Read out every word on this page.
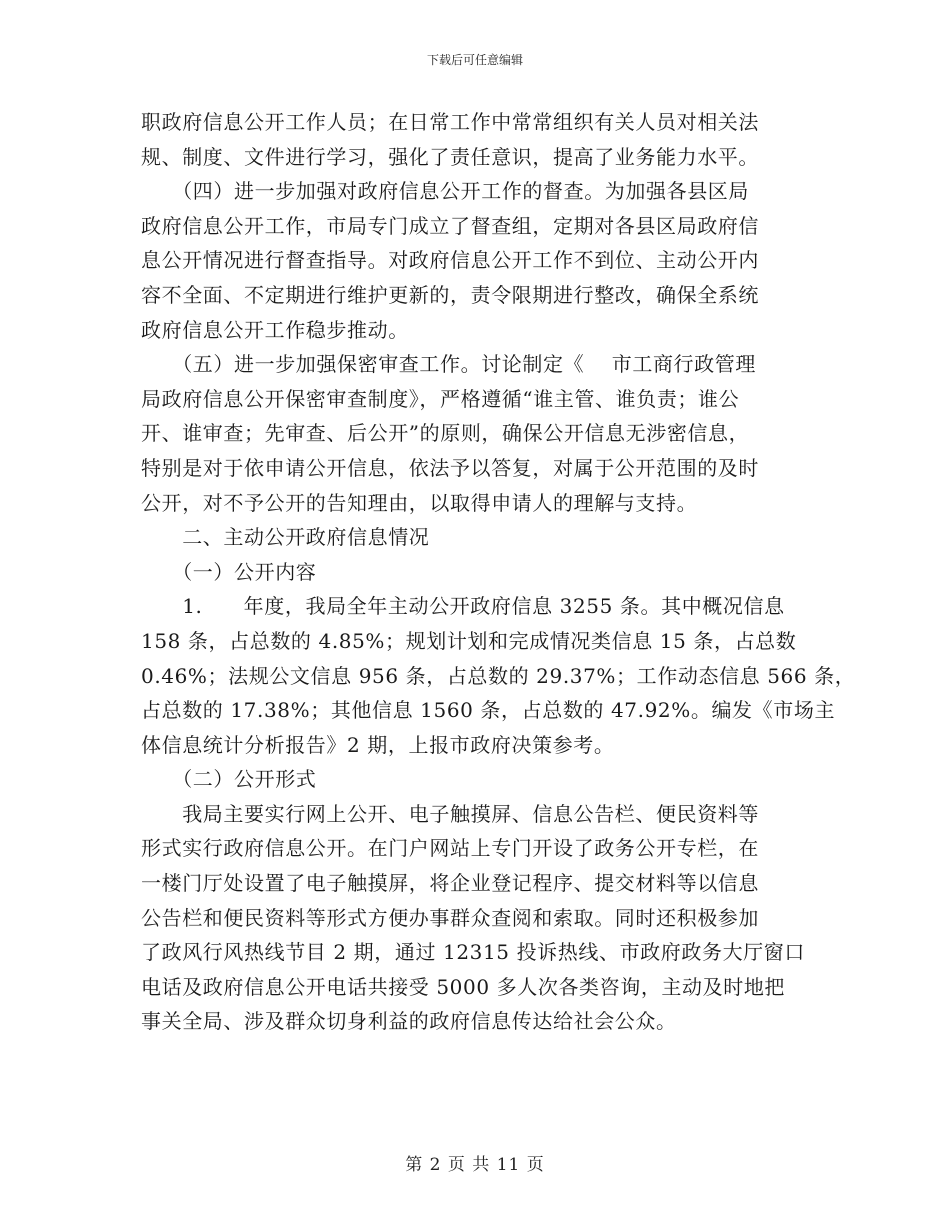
下载后可任意编辑

职政府信息公开工作人员；在日常工作中常常组织有关人员对相关法

规、制度、文件进行学习，强化了责任意识，提高了业务能力水平。

　　（四）进一步加强对政府信息公开工作的督查。为加强各县区局

政府信息公开工作，市局专门成立了督查组，定期对各县区局政府信

息公开情况进行督查指导。对政府信息公开工作不到位、主动公开内

容不全面、不定期进行维护更新的，责令限期进行整改，确保全系统

政府信息公开工作稳步推动。

　　（五）进一步加强保密审查工作。讨论制定《　 市工商行政管理

局政府信息公开保密审查制度》，严格遵循“谁主管、谁负责；谁公

开、谁审查；先审查、后公开”的原则，确保公开信息无涉密信息，

特别是对于依申请公开信息，依法予以答复，对属于公开范围的及时

公开，对不予公开的告知理由，以取得申请人的理解与支持。

　　二、主动公开政府信息情况

　　（一）公开内容

　　1.　　年度，我局全年主动公开政府信息 3255 条。其中概况信息

158 条，占总数的 4.85%；规划计划和完成情况类信息 15 条，占总数

0.46%；法规公文信息 956 条，占总数的 29.37%；工作动态信息 566 条，

占总数的 17.38%；其他信息 1560 条，占总数的 47.92%。编发《市场主

体信息统计分析报告》2 期，上报市政府决策参考。

　　（二）公开形式

　　我局主要实行网上公开、电子触摸屏、信息公告栏、便民资料等

形式实行政府信息公开。在门户网站上专门开设了政务公开专栏，在

一楼门厅处设置了电子触摸屏，将企业登记程序、提交材料等以信息

公告栏和便民资料等形式方便办事群众查阅和索取。同时还积极参加

了政风行风热线节目 2 期，通过 12315 投诉热线、市政府政务大厅窗口

电话及政府信息公开电话共接受 5000 多人次各类咨询，主动及时地把

事关全局、涉及群众切身利益的政府信息传达给社会公众。

第 2 页 共 11 页
